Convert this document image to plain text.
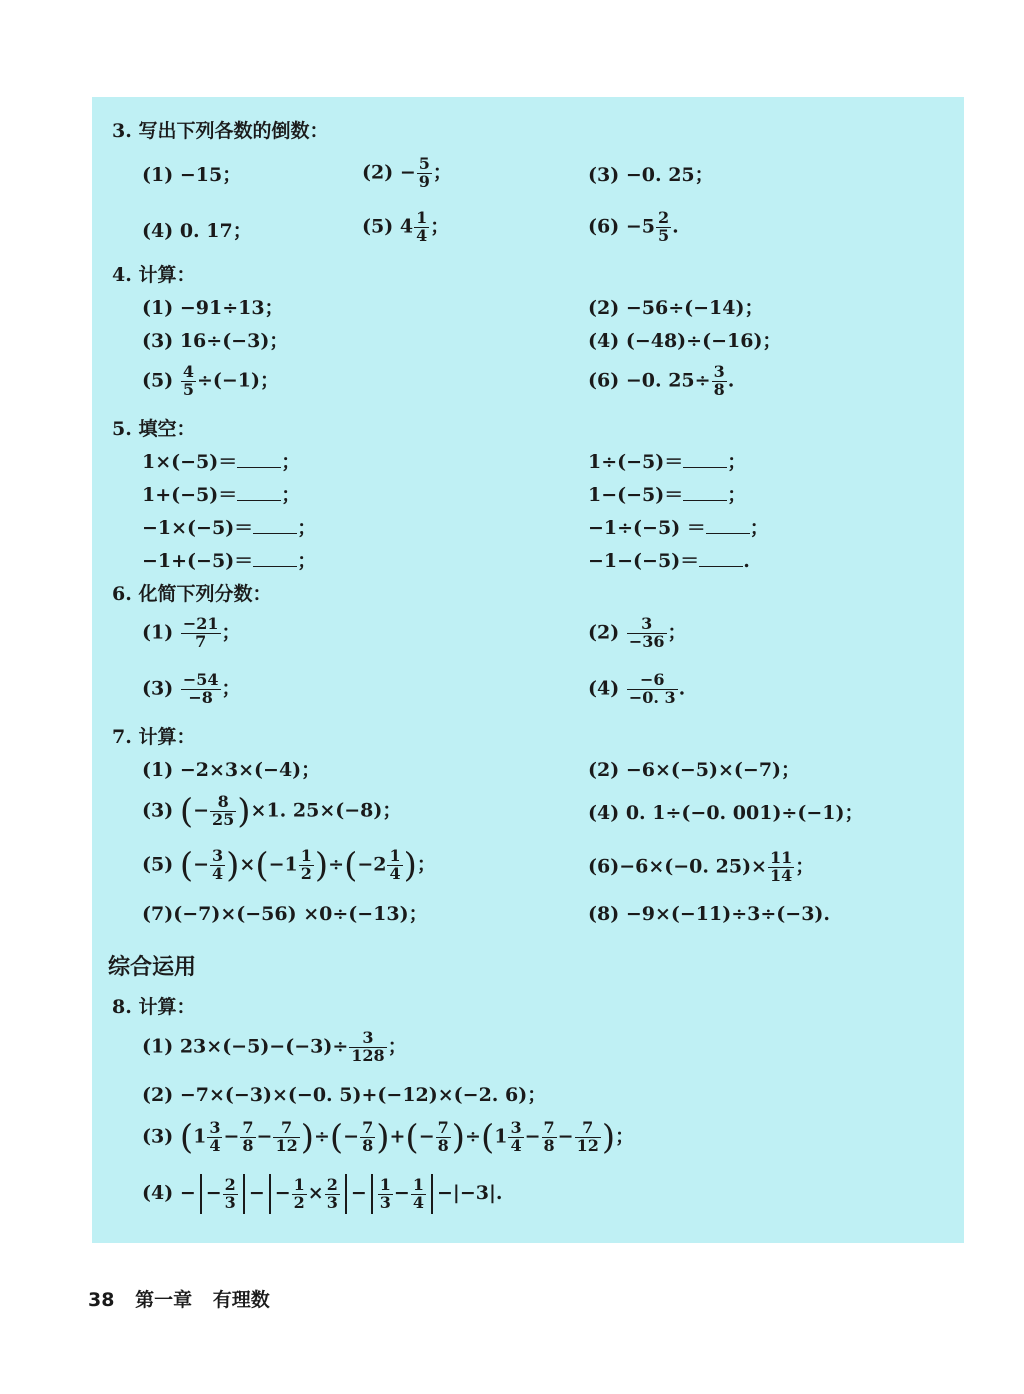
3. 写出下列各数的倒数：
(1) −15；	$(2) - \frac{5}{9}$ ；	(3) −0. 25；
(4) 0. 17；	(5) $4 \frac{1}{4}$ ；	$(6) -5 \frac{2}{5}$ .
4. 计算：
(1) −91÷13；	(2) −56÷(−14)；
(3) 16÷(−3)；	(4) (−48)÷(−16)；
$(5) \frac{4}{5} \div(-1)$；	(6) −0. $25\div \frac{3}{8}$ .
5. 填空：
1×(−5)＝ ；	1÷(−5)＝ ；
1+(−5)＝ ；	1−(−5)＝ ；
−1×(−5)＝ ；	−1÷(−5) ＝ ；
−1+(−5)＝ ；	−1−(−5)＝ .
6. 化简下列分数：
$(1) \frac{-21}{7}$ ；	$(2) \frac{3}{-36}$ ；
$(3) \frac{-54}{-8}$ ；	$(4) \frac{-6}{-0. 3}$ .
7. 计算：
(1) −2×3×(−4)；	(2) −6×(−5)×(−7)；
(3) (− $\frac{8}{25} )\times 1$. 25×(−8)；	(4) 0. 1÷(−0. 001)÷(−1)；
(5) (− $\frac{3}{4} )\times(-1 \frac{1}{2} )\div(-2 \frac{1}{4}$ )；	(6)−6×(−0. $25)\times \frac{11}{14}$ ；
(7)(−7)×(−56) ×0÷(−13)；	(8) −9×(−11)÷3÷(−3).
综合运用
8. 计算：
(1) $23\times(-5)-(-3)\div \frac{3}{128}$ ；
(2) −7×(−3)×(−0. 5)+(−12)×(−2. 6)；
(3) ($1 \frac{3}{4} - \frac{7}{8} - \frac{7}{12}$ )÷(− $\frac{7}{8}$ )+(− $\frac{7}{8} )\div(1 \frac{3}{4} - \frac{7}{8} - \frac{7}{12}$ )；
(4) − − $\frac{2}{3}$ − − $\frac{1}{2} \times \frac{2}{3} - \frac{1}{3} - \frac{1}{4} -|-3|$.
38 第一章 有理数
